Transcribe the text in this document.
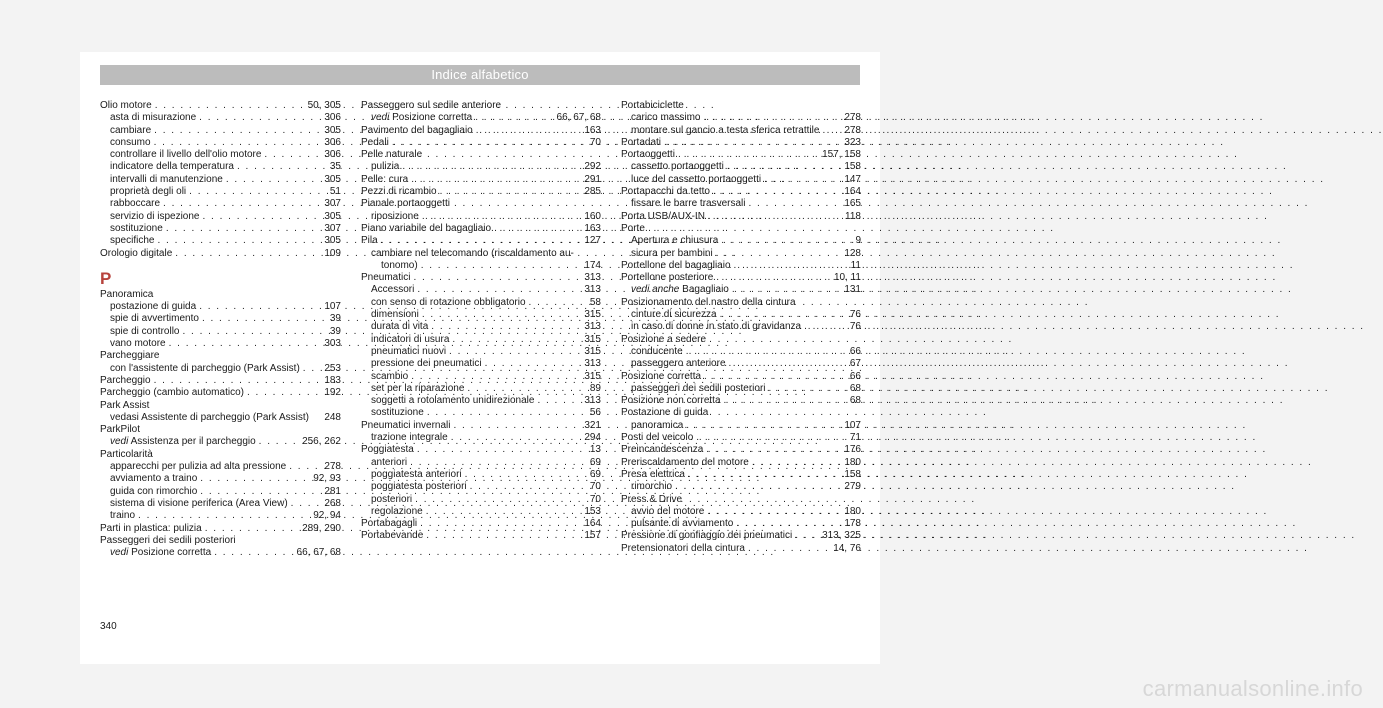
Indice alfabetico
Olio motore . . .	50, 305
asta di misurazione . . .	306
cambiare . . .	305
consumo . . .	306
controllare il livello dell'olio motore . . .	306
indicatore della temperatura . . .	35
intervalli di manutenzione . . .	305
proprietà degli oli . . .	51
rabboccare . . .	307
servizio di ispezione . . .	305
sostituzione . . .	307
specifiche . . .	305
Orologio digitale . . .	109
P
Panoramica
postazione di guida . . .	107
spie di avvertimento . . .	39
spie di controllo . . .	39
vano motore . . .	303
Parcheggiare
con l'assistente di parcheggio (Park Assist) . . .	253
Parcheggio . . .	183
Parcheggio (cambio automatico) . . .	192
Park Assist
vedasi Assistente di parcheggio (Park Assist)	248
ParkPilot
vedi Assistenza per il parcheggio . . .	256, 262
Particolarità
apparecchi per pulizia ad alta pressione . . .	278
avviamento a traino . . .	92, 93
guida con rimorchio . . .	281
sistema di visione periferica (Area View) . . .	268
traino . . .	92, 94
Parti in plastica: pulizia . . .	289, 290
Passeggeri dei sedili posteriori
vedi Posizione corretta . . .	66, 67, 68
Passeggero sul sedile anteriore
vedi Posizione corretta . . .	66, 67, 68
Pavimento del bagagliaio . . .	163
Pedali . . .	70
Pelle naturale
pulizia . . .	292
Pelle: cura . . .	291
Pezzi di ricambio . . .	285
Pianale portaoggetti
riposizione . . .	160
Piano variabile del bagagliaio . . .	163
Pila . . .	127
cambiare nel telecomando (riscaldamento au-
tonomo) . . .	174
Pneumatici . . .	313
Accessori . . .	313
con senso di rotazione obbligatorio . . .	58
dimensioni . . .	315
durata di vita . . .	313
indicatori di usura . . .	315
pneumatici nuovi . . .	315
pressione dei pneumatici . . .	313
scambio . . .	315
set per la riparazione . . .	89
soggetti a rotolamento unidirezionale . . .	313
sostituzione . . .	56
Pneumatici invernali . . .	321
trazione integrale . . .	294
Poggiatesta . . .	13
anteriori . . .	69
poggiatesta anteriori . . .	69
poggiatesta posteriori . . .	70
posteriori . . .	70
regolazione . . .	153
Portabagagli . . .	164
Portabevande . . .	157
Portabiciclette
carico massimo . . .	278
montare sul gancio a testa sferica retrattile . . .	278
Portadati . . .	323
Portaoggetti . . .	157, 158
cassetto portaoggetti . . .	158
luce del cassetto portaoggetti . . .	147
Portapacchi da tetto . . .	164
fissare le barre trasversali . . .	165
Porta USB/AUX-IN . . .	118
Porte
Apertura e chiusura . . .	9
sicura per bambini . . .	128
Portellone del bagagliaio . . .	11
Portellone posteriore . . .	10, 11
vedi anche Bagagliaio . . .	131
Posizionamento del nastro della cintura
cinture di sicurezza . . .	76
in caso di donne in stato di gravidanza . . .	76
Posizione a sedere
conducente . . .	66
passeggero anteriore . . .	67
Posizione corretta . . .	66
passeggeri dei sedili posteriori . . .	68
Posizione non corretta . . .	68
Postazione di guida
panoramica . . .	107
Posti del veicolo . . .	71
Preincandescenza . . .	176
Preriscaldamento del motore . . .	180
Presa elettrica . . .	158
rimorchio . . .	279
Press & Drive
avvio del motore . . .	180
pulsante di avviamento . . .	178
Pressione di gonfiaggio dei pneumatici . . .	313, 325
Pretensionatori della cintura . . .	14, 76
340
carmanualsonline.info
